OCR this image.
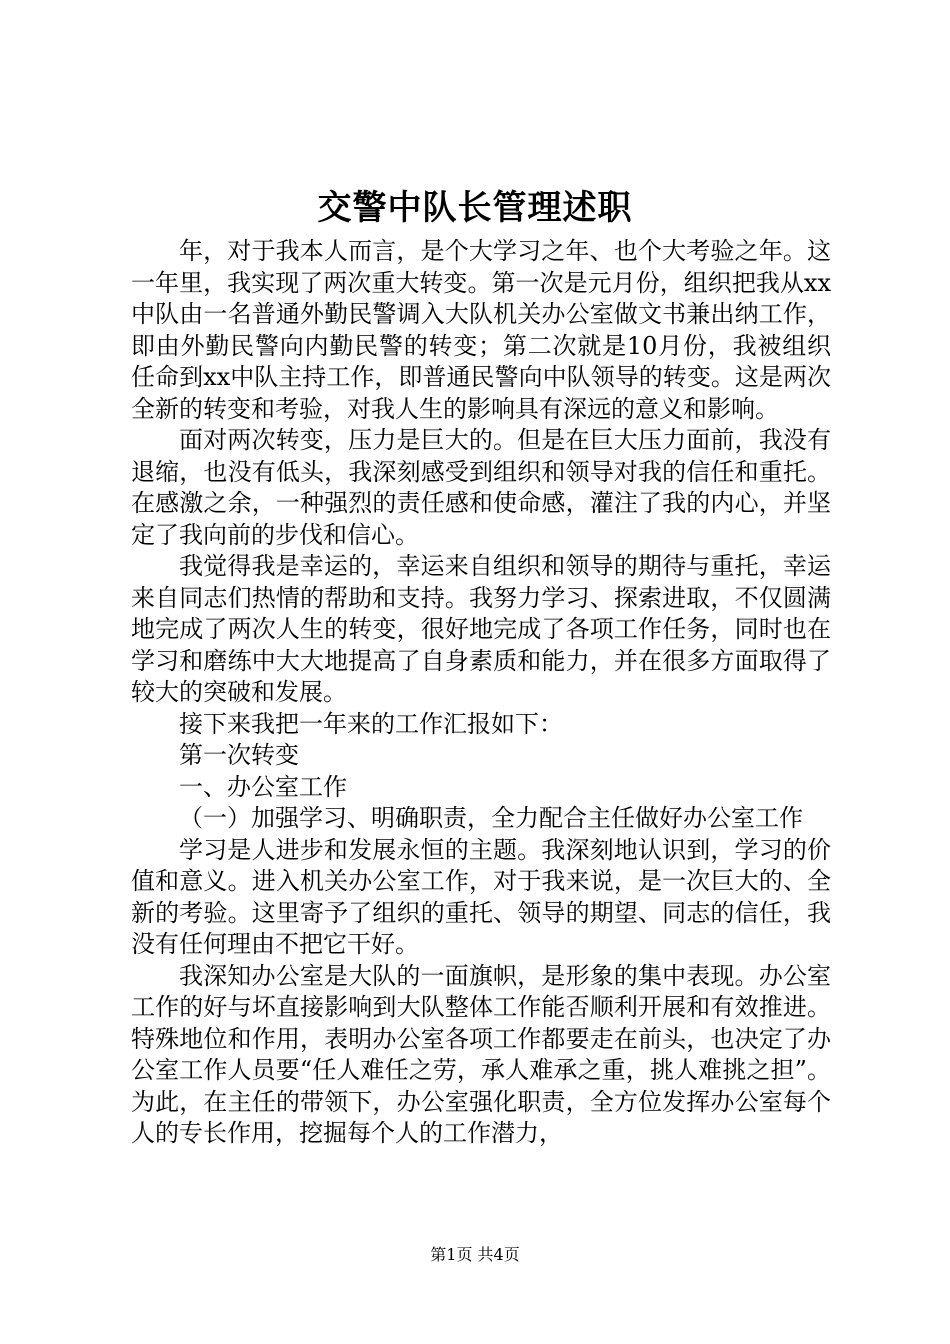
交警中队长管理述职

年，对于我本人而言，是个大学习之年、也个大考验之年。这一年里，我实现了两次重大转变。第一次是元月份，组织把我从xx中队由一名普通外勤民警调入大队机关办公室做文书兼出纳工作，即由外勤民警向内勤民警的转变；第二次就是10月份，我被组织任命到xx中队主持工作，即普通民警向中队领导的转变。这是两次全新的转变和考验，对我人生的影响具有深远的意义和影响。

面对两次转变，压力是巨大的。但是在巨大压力面前，我没有退缩，也没有低头，我深刻感受到组织和领导对我的信任和重托。在感激之余，一种强烈的责任感和使命感，灌注了我的内心，并坚定了我向前的步伐和信心。

我觉得我是幸运的，幸运来自组织和领导的期待与重托，幸运来自同志们热情的帮助和支持。我努力学习、探索进取，不仅圆满地完成了两次人生的转变，很好地完成了各项工作任务，同时也在学习和磨练中大大地提高了自身素质和能力，并在很多方面取得了较大的突破和发展。

接下来我把一年来的工作汇报如下：

第一次转变

一、办公室工作

（一）加强学习、明确职责，全力配合主任做好办公室工作

学习是人进步和发展永恒的主题。我深刻地认识到，学习的价值和意义。进入机关办公室工作，对于我来说，是一次巨大的、全新的考验。这里寄予了组织的重托、领导的期望、同志的信任，我没有任何理由不把它干好。

我深知办公室是大队的一面旗帜，是形象的集中表现。办公室工作的好与坏直接影响到大队整体工作能否顺利开展和有效推进。特殊地位和作用，表明办公室各项工作都要走在前头，也决定了办公室工作人员要“任人难任之劳，承人难承之重，挑人难挑之担”。为此，在主任的带领下，办公室强化职责，全方位发挥办公室每个人的专长作用，挖掘每个人的工作潜力，

第1页 共4页
